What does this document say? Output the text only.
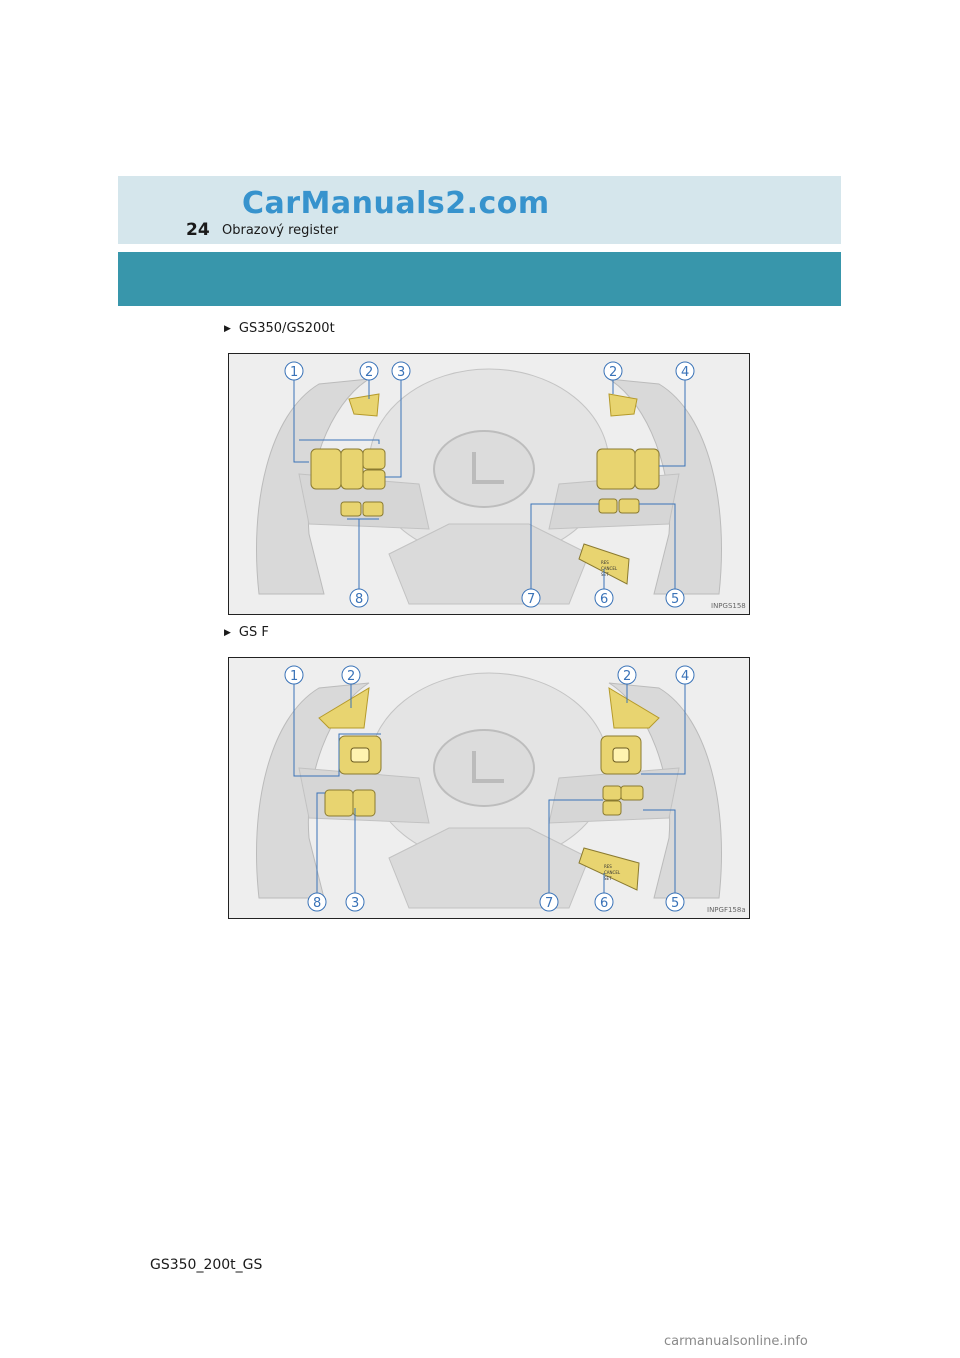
CarManuals2.com
24 Obrazový register
▶ GS350/GS200t
RES
CANCEL
SET
1	2 3	2	4
8	7	6	5	INPGS158
▶ GS F
RES
CANCEL
SET
1	2	2	4
8 3	7	6	5	INPGF158a
GS350_200t_GS
carmanualsonline.info
